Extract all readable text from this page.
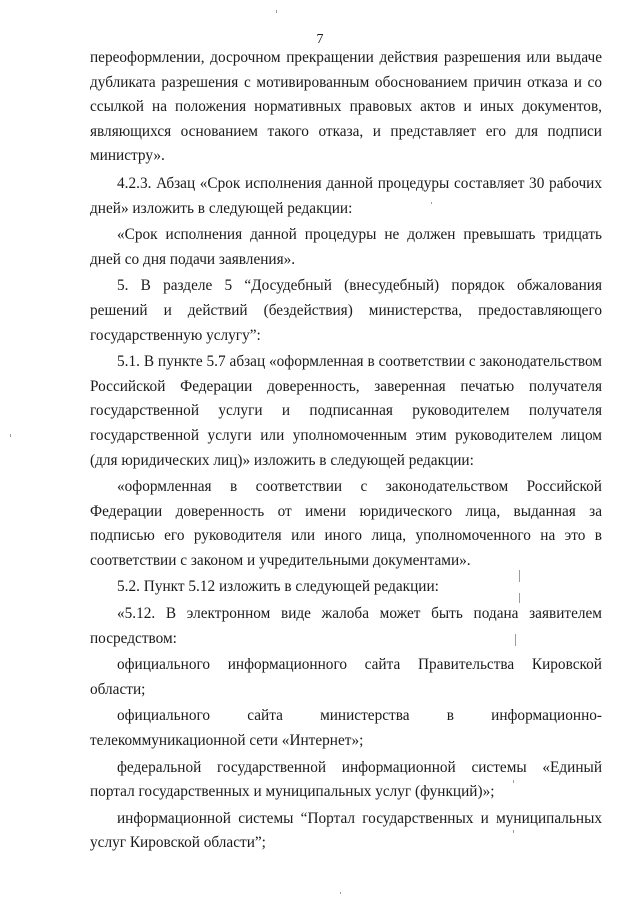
7

переоформлении, досрочном прекращении действия разрешения или выдаче дубликата разрешения с мотивированным обоснованием причин отказа и со ссылкой на положения нормативных правовых актов и иных документов, являющихся основанием такого отказа, и представляет его для подписи министру».

4.2.3. Абзац «Срок исполнения данной процедуры составляет 30 рабочих дней» изложить в следующей редакции:

«Срок исполнения данной процедуры не должен превышать тридцать дней со дня подачи заявления».

5. В разделе 5 “Досудебный (внесудебный) порядок обжалования решений и действий (бездействия) министерства, предоставляющего государственную услугу”:

5.1. В пункте 5.7 абзац «оформленная в соответствии с законодательством Российской Федерации доверенность, заверенная печатью получателя государственной услуги и подписанная руководителем получателя государственной услуги или уполномоченным этим руководителем лицом (для юридических лиц)» изложить в следующей редакции:

«оформленная в соответствии с законодательством Российской Федерации доверенность от имени юридического лица, выданная за подписью его руководителя или иного лица, уполномоченного на это в соответствии с законом и учредительными документами».

5.2. Пункт 5.12 изложить в следующей редакции:

«5.12. В электронном виде жалоба может быть подана заявителем посредством:

официального информационного сайта Правительства Кировской области;

официального сайта министерства в информационно-телекоммуникационной сети «Интернет»;

федеральной государственной информационной системы «Единый портал государственных и муниципальных услуг (функций)»;

информационной системы “Портал государственных и муниципальных услуг Кировской области”;
